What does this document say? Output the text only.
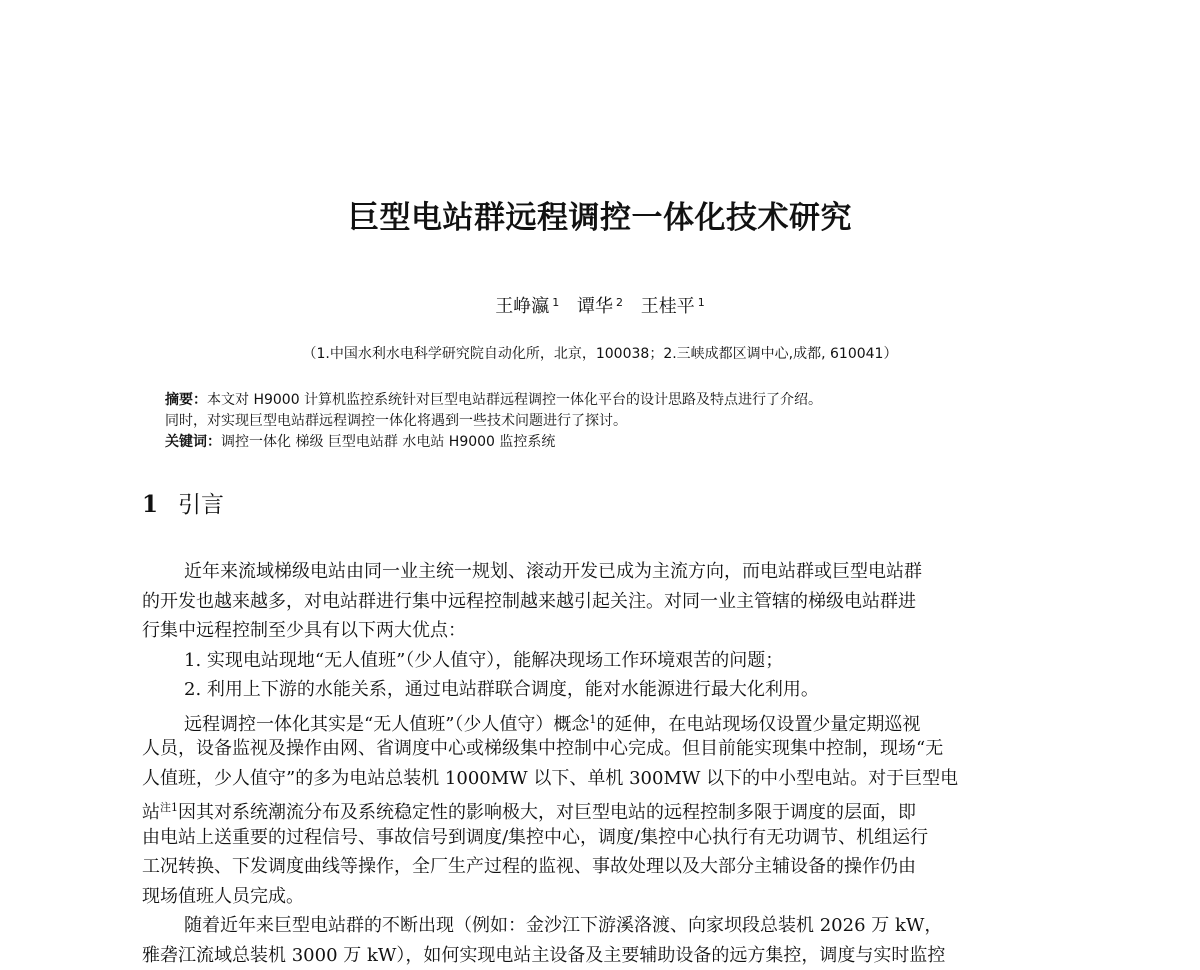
巨型电站群远程调控一体化技术研究
王峥瀛 $^1$ 谭华 $^2$ 王桂平 $^1$
（1.中国水利水电科学研究院自动化所，北京，100038；2.三峡成都区调中心,成都, 610041）
摘要：本文对 H9000 计算机监控系统针对巨型电站群远程调控一体化平台的设计思路及特点进行了介绍。
同时，对实现巨型电站群远程调控一体化将遇到一些技术问题进行了探讨。
关键词：调控一体化 梯级 巨型电站群 水电站 H9000 监控系统
1 引言
近年来流域梯级电站由同一业主统一规划、滚动开发已成为主流方向，而电站群或巨型电站群
的开发也越来越多，对电站群进行集中远程控制越来越引起关注。对同一业主管辖的梯级电站群进
行集中远程控制至少具有以下两大优点：
1. 实现电站现地“无人值班”（少人值守），能解决现场工作环境艰苦的问题；
2. 利用上下游的水能关系，通过电站群联合调度，能对水能源进行最大化利用。
远程调控一体化其实是“无人值班”（少人值守）概念$^1$的延伸，在电站现场仅设置少量定期巡视
人员，设备监视及操作由网、省调度中心或梯级集中控制中心完成。但目前能实现集中控制，现场“无
人值班，少人值守”的多为电站总装机 1000MW 以下、单机 300MW 以下的中小型电站。对于巨型电
站$^{注1}$因其对系统潮流分布及系统稳定性的影响极大，对巨型电站的远程控制多限于调度的层面，即
由电站上送重要的过程信号、事故信号到调度/集控中心，调度/集控中心执行有无功调节、机组运行
工况转换、下发调度曲线等操作，全厂生产过程的监视、事故处理以及大部分主辅设备的操作仍由
现场值班人员完成。
随着近年来巨型电站群的不断出现（例如：金沙江下游溪洛渡、向家坝段总装机 2026 万 kW，
雅砻江流域总装机 3000 万 kW），如何实现电站主设备及主要辅助设备的远方集控，调度与实时监控
